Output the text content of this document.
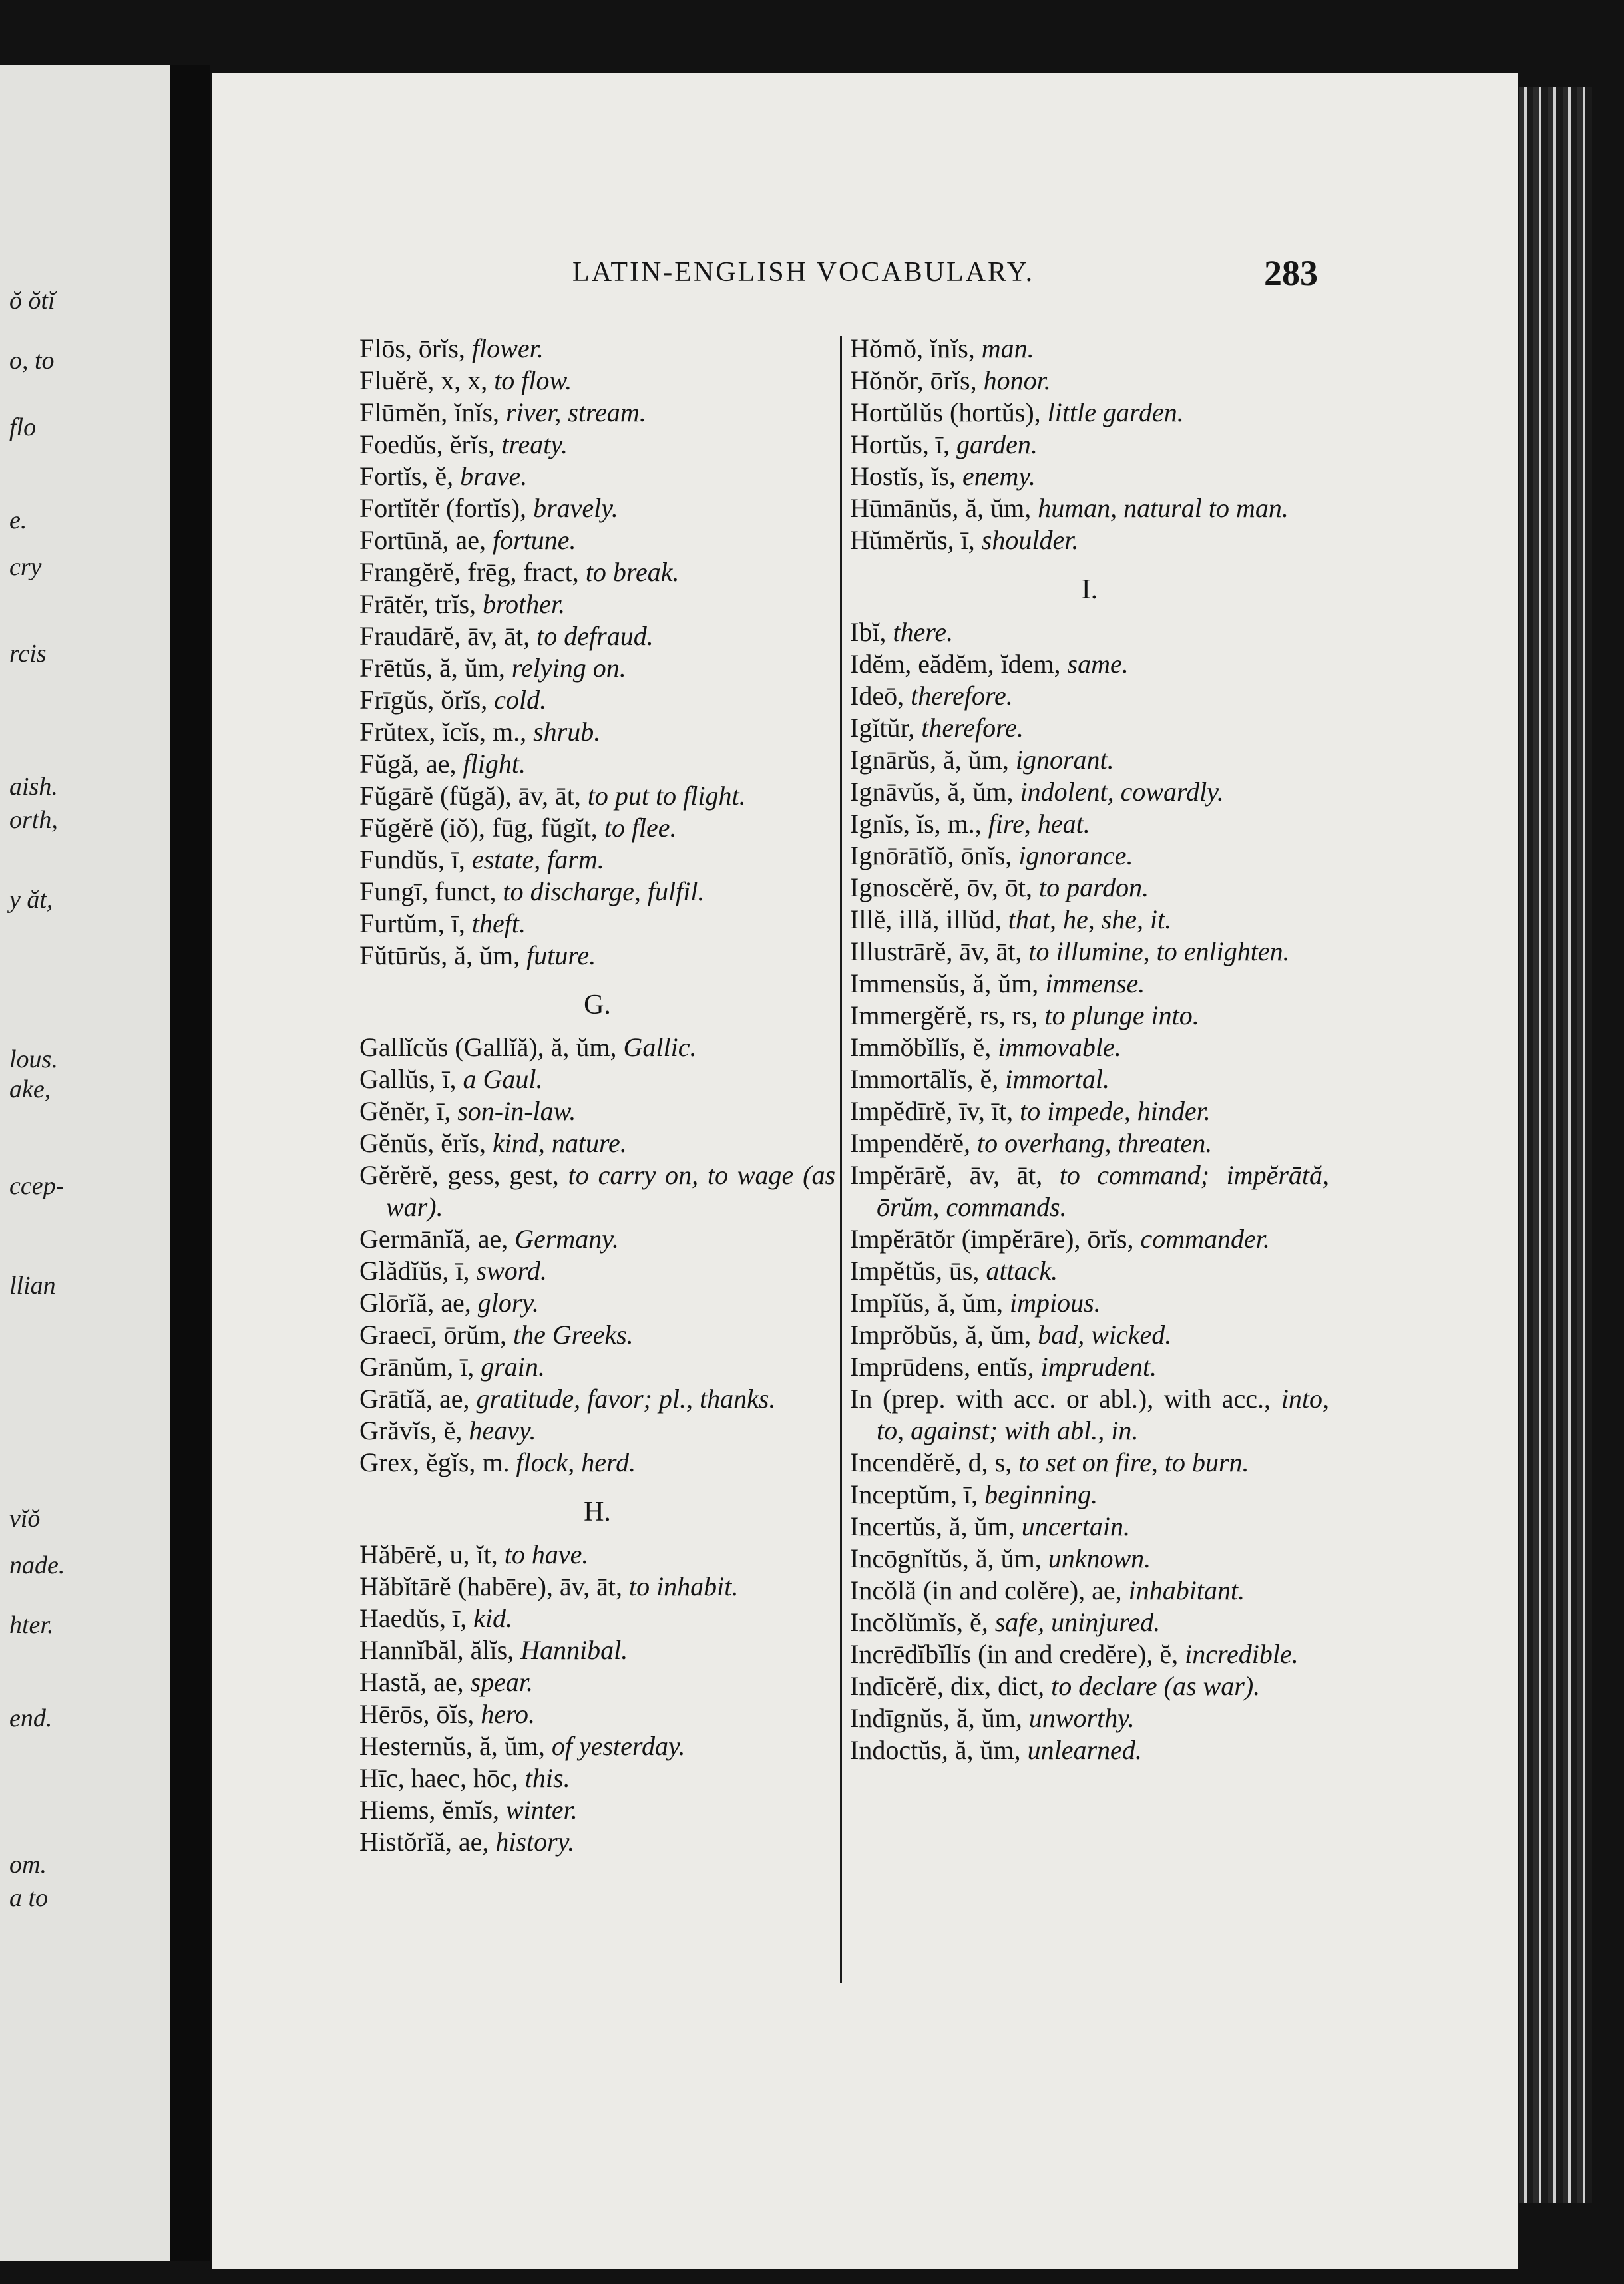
ŏ ŏtĭ
o, to
flo
e.
cry
rcis
aish.
orth,
y ăt,
lous.
ake,
ccep-
llian
vĭŏ
nade.
hter.
end.
om.
a to
LATIN-ENGLISH VOCABULARY.	283
Flōs, ōrĭs, flower.
Fluĕrĕ, x, x, to flow.
Flūmĕn, ĭnĭs, river, stream.
Foedŭs, ĕrĭs, treaty.
Fortĭs, ĕ, brave.
Fortĭtĕr (fortĭs), bravely.
Fortūnă, ae, fortune.
Frangĕrĕ, frēg, fract, to break.
Frātĕr, trĭs, brother.
Fraudārĕ, āv, āt, to defraud.
Frētŭs, ă, ŭm, relying on.
Frīgŭs, ŏrĭs, cold.
Frŭtex, ĭcĭs, m., shrub.
Fŭgă, ae, flight.
Fŭgārĕ (fŭgă), āv, āt, to put to flight.
Fŭgĕrĕ (iŏ), fūg, fŭgĭt, to flee.
Fundŭs, ī, estate, farm.
Fungī, funct, to discharge, fulfil.
Furtŭm, ī, theft.
Fŭtūrŭs, ă, ŭm, future.
G.
Gallĭcŭs (Gallĭă), ă, ŭm, Gallic.
Gallŭs, ī, a Gaul.
Gĕnĕr, ī, son-in-law.
Gĕnŭs, ĕrĭs, kind, nature.
Gĕrĕrĕ, gess, gest, to carry on, to wage (as war).
Germānĭă, ae, Germany.
Glădĭŭs, ī, sword.
Glōrĭă, ae, glory.
Graecī, ōrŭm, the Greeks.
Grānŭm, ī, grain.
Grātĭă, ae, gratitude, favor; pl., thanks.
Grăvĭs, ĕ, heavy.
Grex, ĕgĭs, m. flock, herd.
H.
Hăbērĕ, u, ĭt, to have.
Hăbĭtārĕ (habēre), āv, āt, to inhabit.
Haedŭs, ī, kid.
Hannĭbăl, ălĭs, Hannibal.
Hastă, ae, spear.
Hērōs, ōĭs, hero.
Hesternŭs, ă, ŭm, of yesterday.
Hīc, haec, hōc, this.
Hiems, ĕmĭs, winter.
Histŏrĭă, ae, history.
Hŏmŏ, ĭnĭs, man.
Hŏnŏr, ōrĭs, honor.
Hortŭlŭs (hortŭs), little garden.
Hortŭs, ī, garden.
Hostĭs, ĭs, enemy.
Hūmānŭs, ă, ŭm, human, natural to man.
Hŭmĕrŭs, ī, shoulder.
I.
Ibĭ, there.
Idĕm, eădĕm, ĭdem, same.
Ideō, therefore.
Igĭtŭr, therefore.
Ignārŭs, ă, ŭm, ignorant.
Ignāvŭs, ă, ŭm, indolent, cowardly.
Ignĭs, ĭs, m., fire, heat.
Ignōrātĭŏ, ōnĭs, ignorance.
Ignoscĕrĕ, ōv, ōt, to pardon.
Illĕ, illă, illŭd, that, he, she, it.
Illustrārĕ, āv, āt, to illumine, to enlighten.
Immensŭs, ă, ŭm, immense.
Immergĕrĕ, rs, rs, to plunge into.
Immŏbĭlĭs, ĕ, immovable.
Immortālĭs, ĕ, immortal.
Impĕdīrĕ, īv, īt, to impede, hinder.
Impendĕrĕ, to overhang, threaten.
Impĕrārĕ, āv, āt, to command; impĕrātă, ōrŭm, commands.
Impĕrātŏr (impĕrāre), ōrĭs, commander.
Impĕtŭs, ūs, attack.
Impĭŭs, ă, ŭm, impious.
Imprŏbŭs, ă, ŭm, bad, wicked.
Imprūdens, entĭs, imprudent.
In (prep. with acc. or abl.), with acc., into, to, against; with abl., in.
Incendĕrĕ, d, s, to set on fire, to burn.
Inceptŭm, ī, beginning.
Incertŭs, ă, ŭm, uncertain.
Incōgnĭtŭs, ă, ŭm, unknown.
Incŏlă (in and colĕre), ae, inhabitant.
Incŏlŭmĭs, ĕ, safe, uninjured.
Incrēdĭbĭlĭs (in and credĕre), ĕ, incredible.
Indīcĕrĕ, dix, dict, to declare (as war).
Indīgnŭs, ă, ŭm, unworthy.
Indoctŭs, ă, ŭm, unlearned.
